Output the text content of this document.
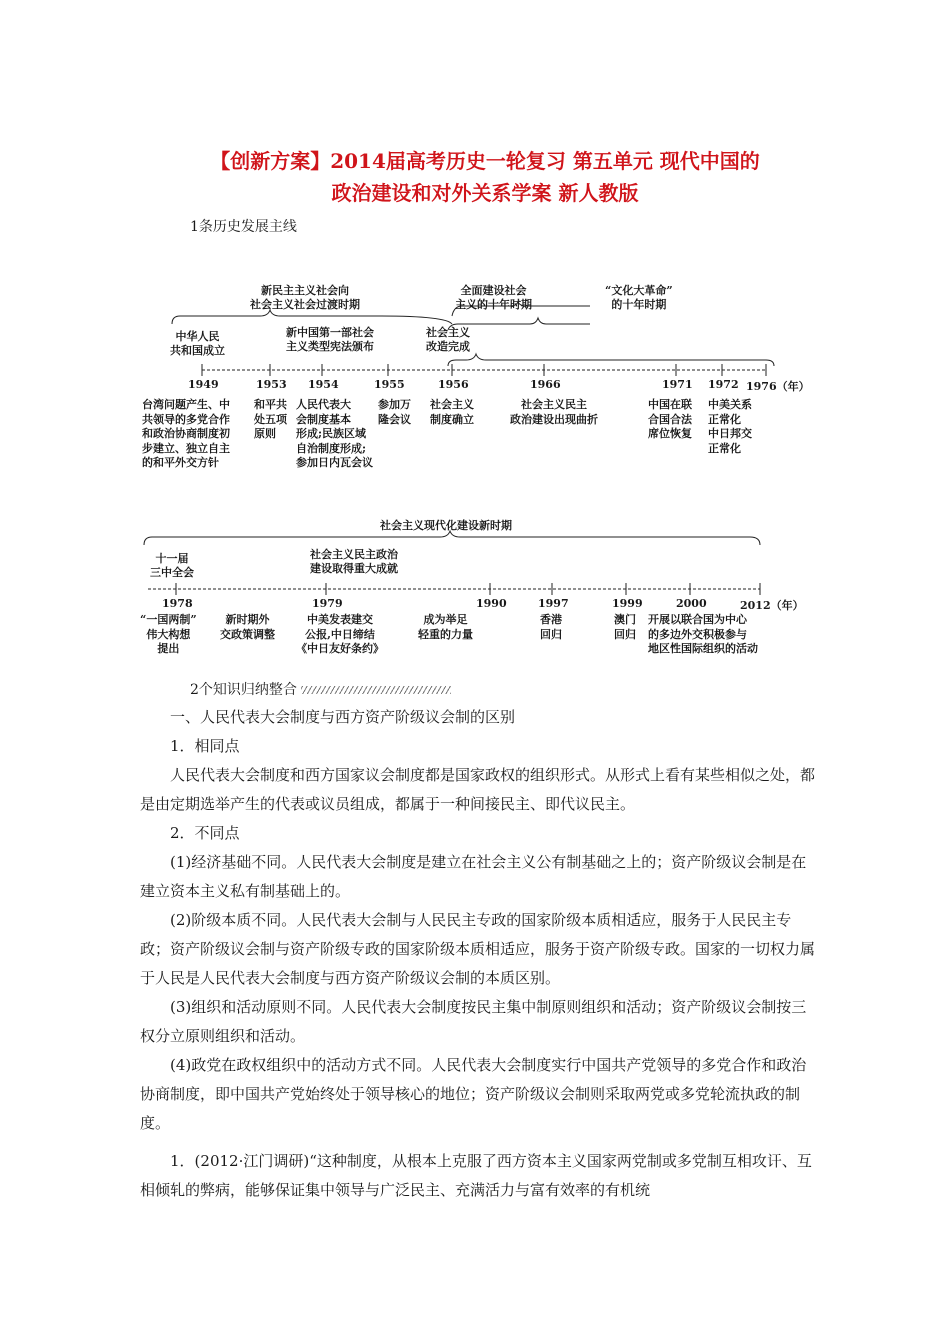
【创新方案】2014届高考历史一轮复习 第五单元 现代中国的
政治建设和对外关系学案 新人教版
1条历史发展主线
新民主主义社会向
社会主义社会过渡时期
全面建设社会
主义的十年时期
“文化大革命”
的十年时期
中华人民
共和国成立
新中国第一部社会
主义类型宪法颁布
社会主义
改造完成
1949	1953 1954	1955	1956	1966	1971 1972 1976（年）
台湾问题产生、中
共领导的多党合作
和政治协商制度初
步建立、独立自主
的和平外交方针
和平共
处五项
原则
人民代表大
会制度基本
形成;民族区域
自治制度形成;
参加日内瓦会议
参加万
隆会议
社会主义
制度确立
社会主义民主
政治建设出现曲折
中国在联
合国合法
席位恢复
中美关系
正常化
中日邦交
正常化
社会主义现代化建设新时期
十一届
三中全会
社会主义民主政治
建设取得重大成就
1978	1979	1990	1997	1999	2000	2012（年）
“一国两制”
伟大构想
提出
新时期外
交政策调整
中美发表建交
公报,中日缔结
《中日友好条约》
成为举足
轻重的力量
香港
回归
澳门
回归
开展以联合国为中心
的多边外交积极参与
地区性国际组织的活动
2个知识归纳整合
一、人民代表大会制度与西方资产阶级议会制的区别
1．相同点
人民代表大会制度和西方国家议会制度都是国家政权的组织形式。从形式上看有某些相似之处，都是由定期选举产生的代表或议员组成，都属于一种间接民主、即代议民主。
2．不同点
(1)经济基础不同。人民代表大会制度是建立在社会主义公有制基础之上的；资产阶级议会制是在建立资本主义私有制基础上的。
(2)阶级本质不同。人民代表大会制与人民民主专政的国家阶级本质相适应，服务于人民民主专政；资产阶级议会制与资产阶级专政的国家阶级本质相适应，服务于资产阶级专政。国家的一切权力属于人民是人民代表大会制度与西方资产阶级议会制的本质区别。
(3)组织和活动原则不同。人民代表大会制度按民主集中制原则组织和活动；资产阶级议会制按三权分立原则组织和活动。
(4)政党在政权组织中的活动方式不同。人民代表大会制度实行中国共产党领导的多党合作和政治协商制度，即中国共产党始终处于领导核心的地位；资产阶级议会制则采取两党或多党轮流执政的制度。
1．(2012·江门调研)“这种制度，从根本上克服了西方资本主义国家两党制或多党制互相攻讦、互相倾轧的弊病，能够保证集中领导与广泛民主、充满活力与富有效率的有机统
